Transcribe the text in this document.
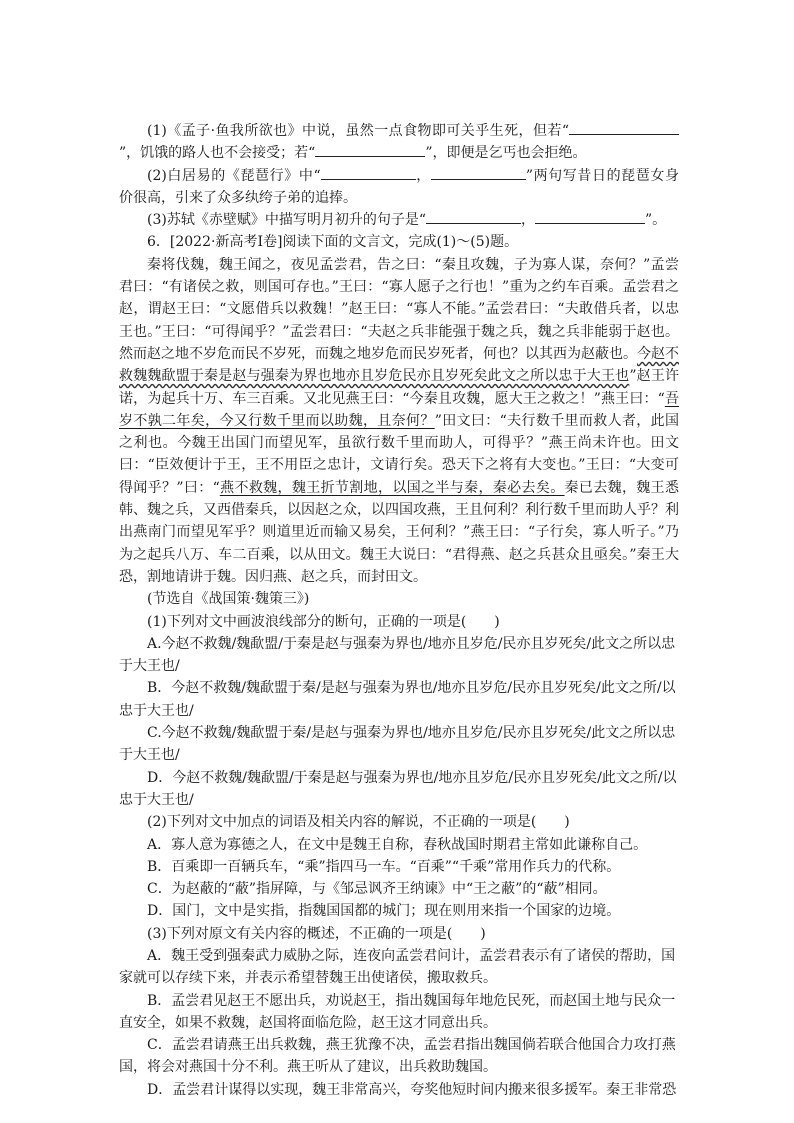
(1)《孟子·鱼我所欲也》中说，虽然一点食物即可关乎生死，但若“”，饥饿的路人也不会接受；若“	”，即便是乞丐也会拒绝。

(2)白居易的《琵琶行》中“	，	”两句写昔日的琵琶女身价很高，引来了众多纨绔子弟的追捧。

(3)苏轼《赤壁赋》中描写明月初升的句子是“	，	”。

6．[2022·新高考Ⅰ卷]阅读下面的文言文，完成(1)～(5)题。

秦将伐魏，魏王闻之，夜见孟尝君，告之曰：“秦且攻魏，子为寡人谋，奈何？”孟尝君曰：“有诸侯之救，则国可存也。”王曰：“寡人愿子之行也！”重为之约车百乘。孟尝君之赵，谓赵王曰：“文愿借兵以救魏！”赵王曰：“寡人不能。”孟尝君曰：“夫敢借兵者，以忠王也。”王曰：“可得闻乎？”孟尝君曰：“夫赵之兵非能强于魏之兵，魏之兵非能弱于赵也。然而赵之地不岁危而民不岁死，而魏之地岁危而民岁死者，何也？以其西为赵蔽也。今赵不救魏魏歃盟于秦是赵与强秦为界也地亦且岁危民亦且岁死矣此文之所以忠于大王也”赵王许诺，为起兵十万、车三百乘。又北见燕王曰：“今秦且攻魏，愿大王之救之！”燕王曰：“吾岁不孰二年矣，今又行数千里而以助魏，且奈何？”田文曰：“夫行数千里而救人者，此国之利也。今魏王出国门而望见军，虽欲行数千里而助人，可得乎？”燕王尚未许也。田文曰：“臣效便计于王，王不用臣之忠计，文请行矣。恐天下之将有大变也。”王曰：“大变可得闻乎？”曰：“燕不救魏，魏王折节割地，以国之半与秦，秦必去矣。秦已去魏，魏王悉韩、魏之兵，又西借秦兵，以因赵之众，以四国攻燕，王且何利？利行数千里而助人乎？利出燕南门而望见军乎？则道里近而输又易矣，王何利？”燕王曰：“子行矣，寡人听子。”乃为之起兵八万、车二百乘，以从田文。魏王大说曰：“君得燕、赵之兵甚众且亟矣。”秦王大恐，割地请讲于魏。因归燕、赵之兵，而封田文。

(节选自《战国策·魏策三》)

(1)下列对文中画波浪线部分的断句，正确的一项是(　　)

A.今赵不救魏/魏歃盟/于秦是赵与强秦为界也/地亦且岁危/民亦且岁死矣/此文之所以忠于大王也/

B．今赵不救魏/魏歃盟于秦/是赵与强秦为界也/地亦且岁危/民亦且岁死矣/此文之所/以忠于大王也/

C.今赵不救魏/魏歃盟于秦/是赵与强秦为界也/地亦且岁危/民亦且岁死矣/此文之所以忠于大王也/

D．今赵不救魏/魏歃盟/于秦是赵与强秦为界也/地亦且岁危/民亦且岁死矣/此文之所/以忠于大王也/

(2)下列对文中加点的词语及相关内容的解说，不正确的一项是(　　)

A．寡人意为寡德之人，在文中是魏王自称，春秋战国时期君主常如此谦称自己。

B．百乘即一百辆兵车，“乘”指四马一车。“百乘”“千乘”常用作兵力的代称。

C．为赵蔽的“蔽”指屏障，与《邹忌讽齐王纳谏》中“王之蔽”的“蔽”相同。

D．国门，文中是实指，指魏国国都的城门；现在则用来指一个国家的边境。

(3)下列对原文有关内容的概述，不正确的一项是(　　)

A．魏王受到强秦武力威胁之际，连夜向孟尝君问计，孟尝君表示有了诸侯的帮助，国家就可以存续下来，并表示希望替魏王出使诸侯，搬取救兵。

B．孟尝君见赵王不愿出兵，劝说赵王，指出魏国每年地危民死，而赵国土地与民众一直安全，如果不救魏，赵国将面临危险，赵王这才同意出兵。

C．孟尝君请燕王出兵救魏，燕王犹豫不决，孟尝君指出魏国倘若联合他国合力攻打燕国，将会对燕国十分不利。燕王听从了建议，出兵救助魏国。

D．孟尝君计谋得以实现，魏王非常高兴，夸奖他短时间内搬来很多援军。秦王非常恐
